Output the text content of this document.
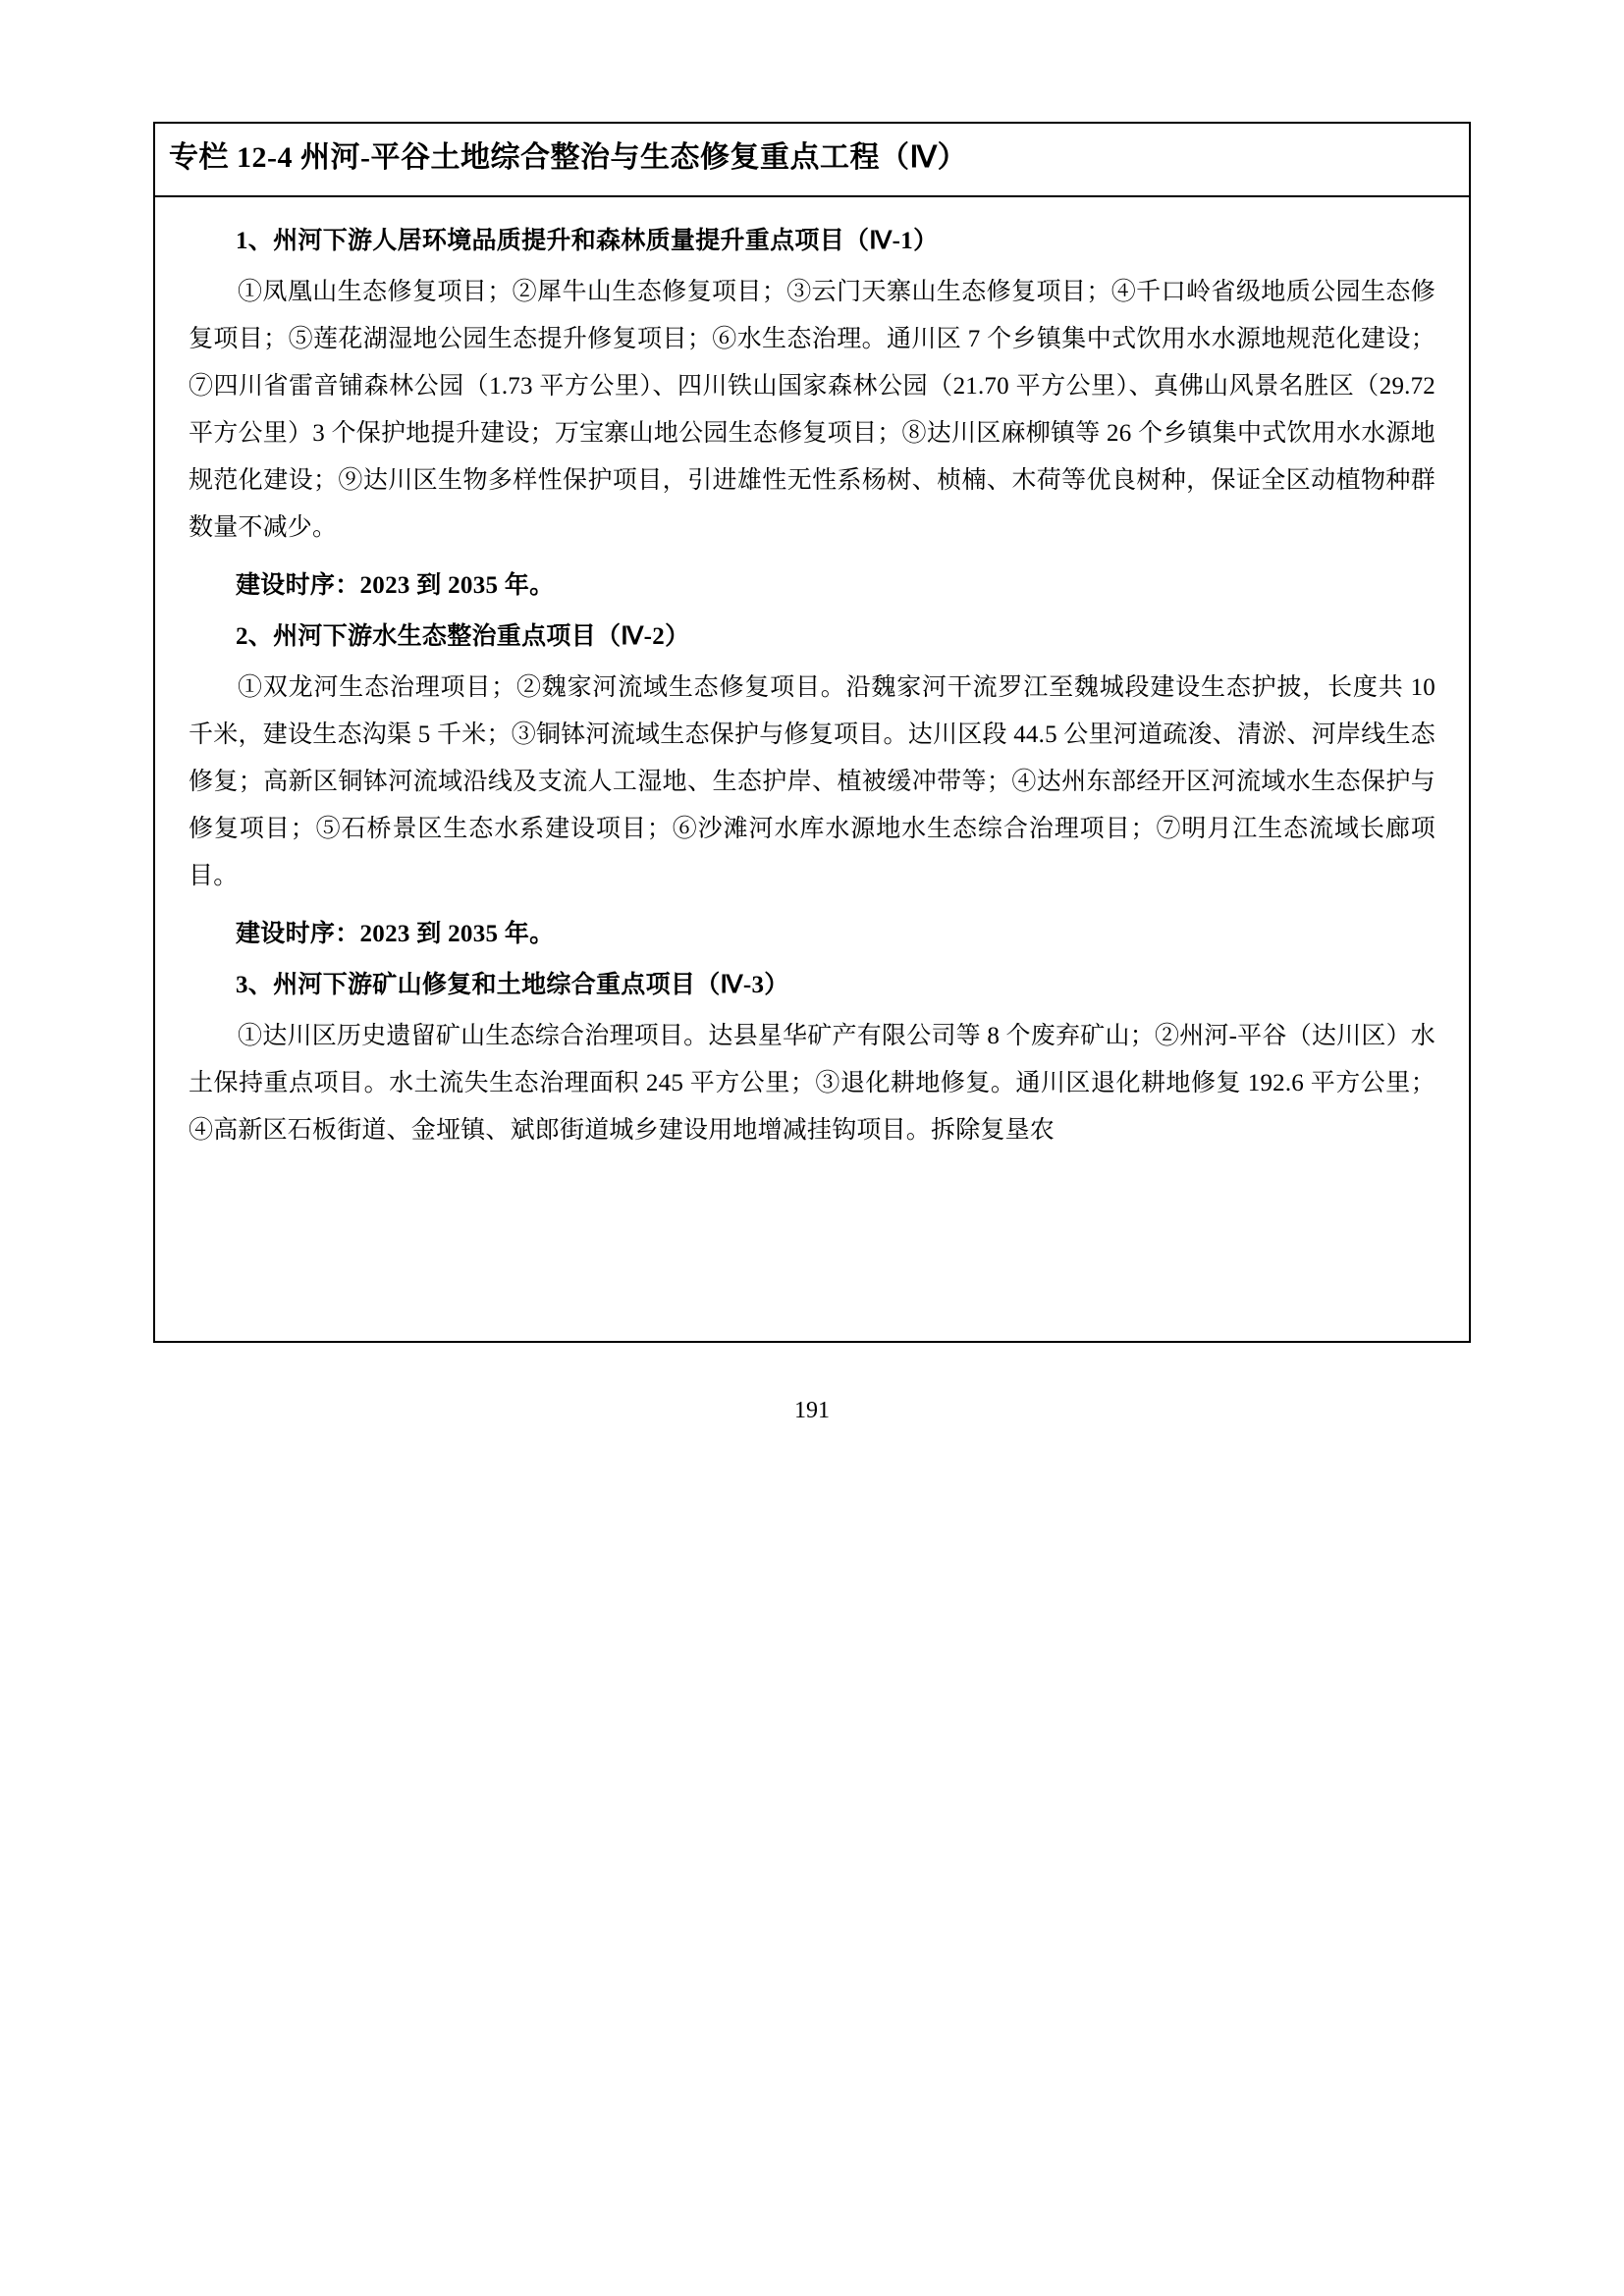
专栏 12-4 州河-平谷土地综合整治与生态修复重点工程（Ⅳ）
1、州河下游人居环境品质提升和森林质量提升重点项目（Ⅳ-1）

①凤凰山生态修复项目；②犀牛山生态修复项目；③云门天寨山生态修复项目；④千口岭省级地质公园生态修复项目；⑤莲花湖湿地公园生态提升修复项目；⑥水生态治理。通川区 7 个乡镇集中式饮用水水源地规范化建设；⑦四川省雷音铺森林公园（1.73 平方公里）、四川铁山国家森林公园（21.70 平方公里）、真佛山风景名胜区（29.72 平方公里）3 个保护地提升建设；万宝寨山地公园生态修复项目；⑧达川区麻柳镇等 26 个乡镇集中式饮用水水源地规范化建设；⑨达川区生物多样性保护项目，引进雄性无性系杨树、桢楠、木荷等优良树种，保证全区动植物种群数量不减少。

建设时序：2023 到 2035 年。
2、州河下游水生态整治重点项目（Ⅳ-2）

①双龙河生态治理项目；②魏家河流域生态修复项目。沿魏家河干流罗江至魏城段建设生态护披，长度共 10 千米，建设生态沟渠 5 千米；③铜钵河流域生态保护与修复项目。达川区段 44.5 公里河道疏浚、清淤、河岸线生态修复；高新区铜钵河流域沿线及支流人工湿地、生态护岸、植被缓冲带等；④达州东部经开区河流域水生态保护与修复项目；⑤石桥景区生态水系建设项目；⑥沙滩河水库水源地水生态综合治理项目；⑦明月江生态流域长廊项目。

建设时序：2023 到 2035 年。
3、州河下游矿山修复和土地综合重点项目（Ⅳ-3）

①达川区历史遗留矿山生态综合治理项目。达县星华矿产有限公司等 8 个废弃矿山；②州河-平谷（达川区）水土保持重点项目。水土流失生态治理面积 245 平方公里；③退化耕地修复。通川区退化耕地修复 192.6 平方公里；④高新区石板街道、金垭镇、斌郎街道城乡建设用地增减挂钩项目。拆除复垦农

191
